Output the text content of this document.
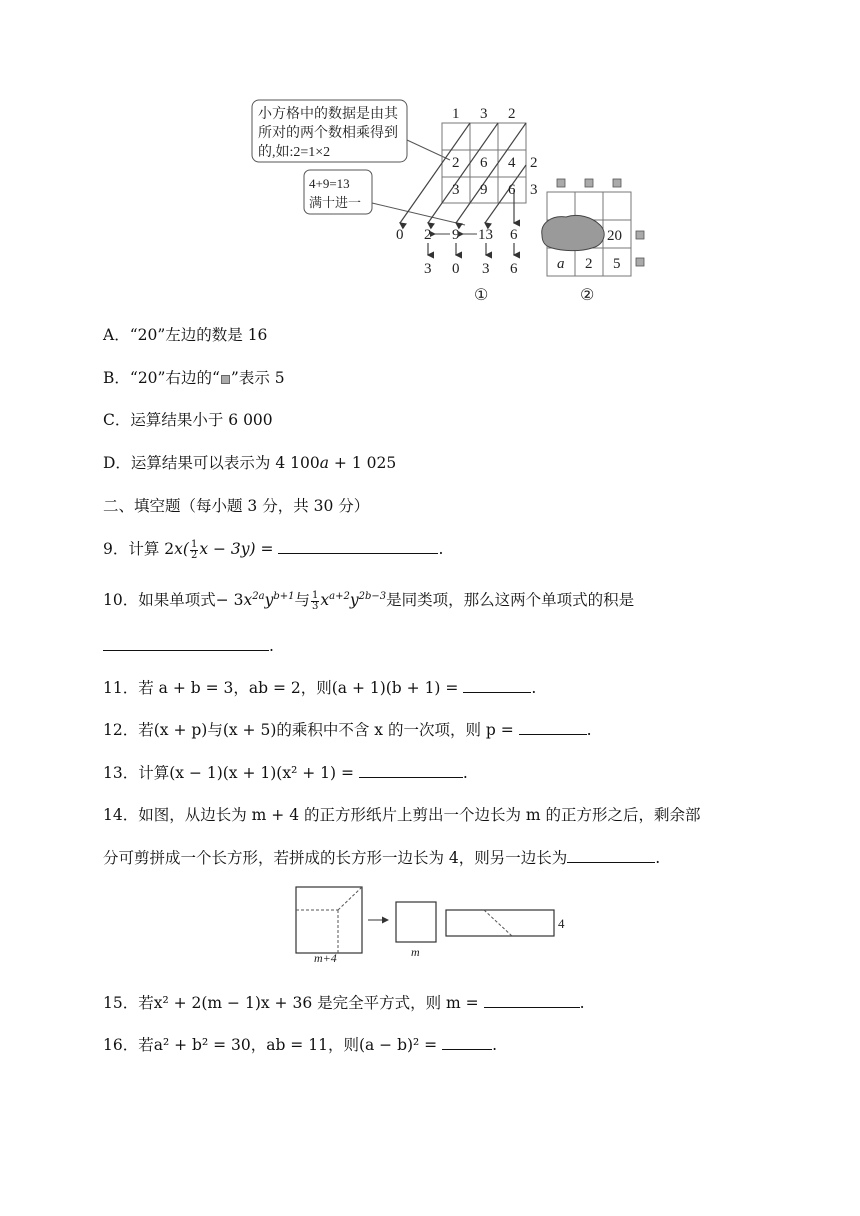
小方格中的数据是由其
所对的两个数相乘得到
的,如:2=1×2
4+9=13
满十进一
1 3 2
2 6 4
3 9 6
2
3
0 2 9 13 6
3 0 3 6
①
20
a 2 5
②
A．“20”左边的数是 16
B．“20”右边的“ ”表示 5
C．运算结果小于 6 000
D．运算结果可以表示为 4 100a + 1 025
二、填空题（每小题 3 分，共 30 分）
9．计算 $2x( \frac{1}{2}$ x − 3y) =	.
10．如果单项式− $3x^{2a}y^{b+1}$与 $\frac{1}{3} x^{a+2}y^{2b-3}$是同类项，那么这两个单项式的积是
.
11．若 a + b = 3，ab = 2，则(a + 1)(b + 1) =	.
12．若(x + p)与(x + 5)的乘积中不含 x 的一次项，则 p =	.
13．计算(x − 1)(x + 1)(x² + 1) =	.
14．如图，从边长为 m + 4 的正方形纸片上剪出一个边长为 m 的正方形之后，剩余部
分可剪拼成一个长方形，若拼成的长方形一边长为 4，则另一边长为	.
m+4	m
4
15．若x² + 2(m − 1)x + 36 是完全平方式，则 m =	.
16．若a² + b² = 30，ab = 11，则(a − b)² =	.
